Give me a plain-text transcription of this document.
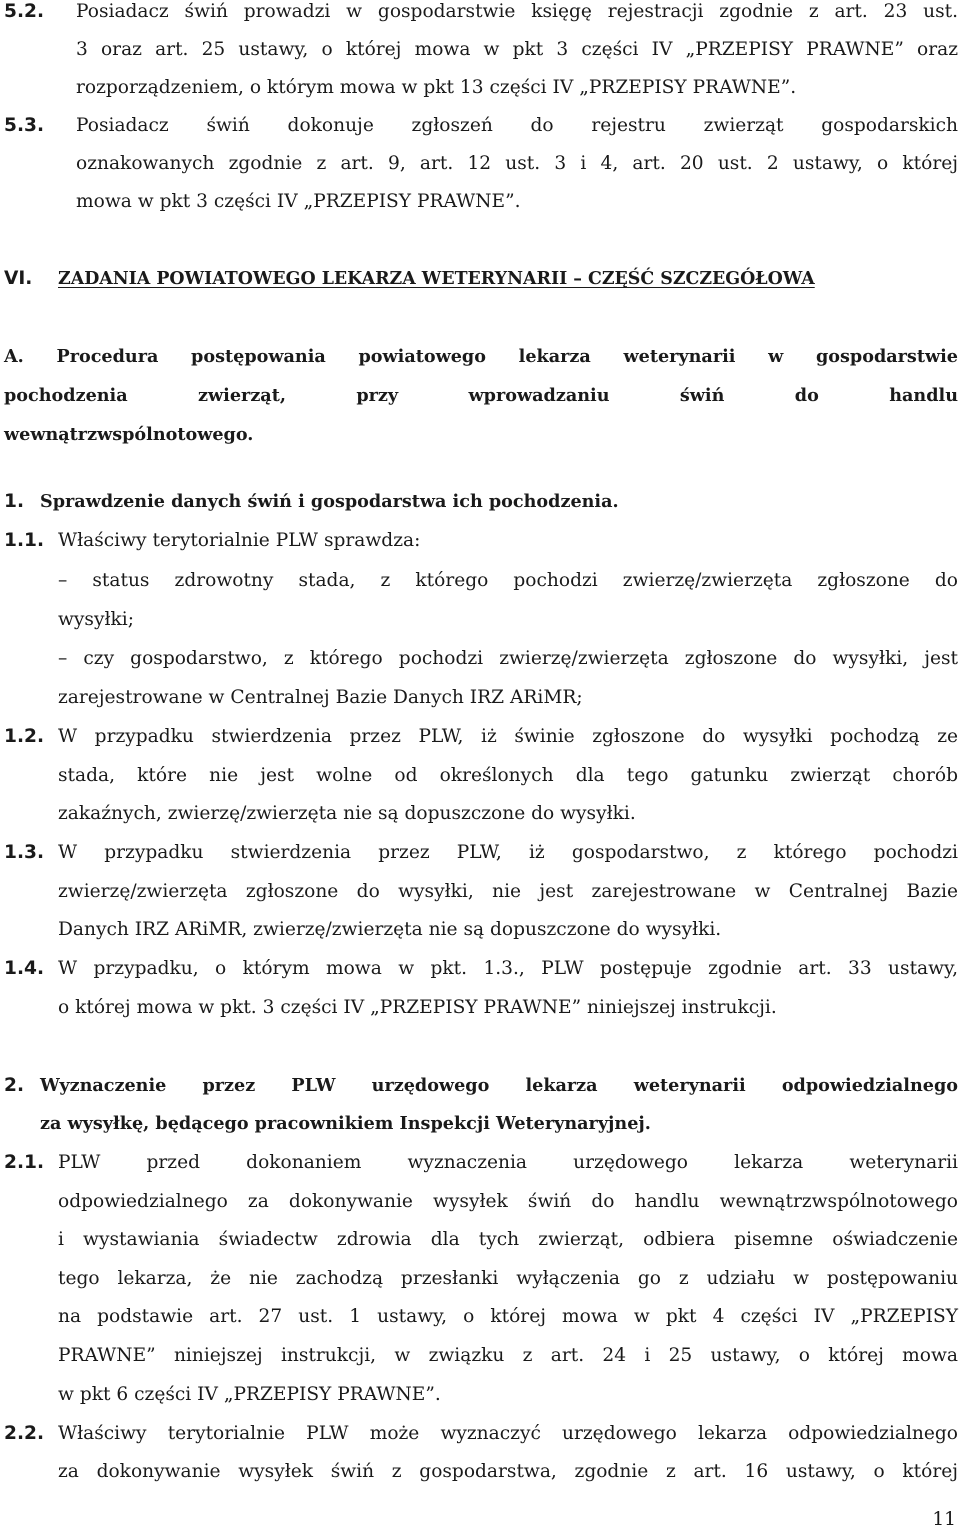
5.2. Posiadacz świń prowadzi w gospodarstwie księgę rejestracji zgodnie z art. 23 ust.
3 oraz art. 25 ustawy, o której mowa w pkt 3 części IV „PRZEPISY PRAWNE” oraz
rozporządzeniem, o którym mowa w pkt 13 części IV „PRZEPISY PRAWNE”.
5.3. Posiadacz świń dokonuje zgłoszeń do rejestru zwierząt gospodarskich
oznakowanych zgodnie z art. 9, art. 12 ust. 3 i 4, art. 20 ust. 2 ustawy, o której
mowa w pkt 3 części IV „PRZEPISY PRAWNE”.
VI. ZADANIA POWIATOWEGO LEKARZA WETERYNARII – CZĘŚĆ SZCZEGÓŁOWA
A. Procedura postępowania powiatowego lekarza weterynarii w gospodarstwie
pochodzenia zwierząt, przy wprowadzaniu świń do handlu
wewnątrzwspólnotowego.
1. Sprawdzenie danych świń i gospodarstwa ich pochodzenia.
1.1. Właściwy terytorialnie PLW sprawdza:
– status zdrowotny stada, z którego pochodzi zwierzę/zwierzęta zgłoszone do
wysyłki;
– czy gospodarstwo, z którego pochodzi zwierzę/zwierzęta zgłoszone do wysyłki, jest
zarejestrowane w Centralnej Bazie Danych IRZ ARiMR;
1.2. W przypadku stwierdzenia przez PLW, iż świnie zgłoszone do wysyłki pochodzą ze
stada, które nie jest wolne od określonych dla tego gatunku zwierząt chorób
zakaźnych, zwierzę/zwierzęta nie są dopuszczone do wysyłki.
1.3. W przypadku stwierdzenia przez PLW, iż gospodarstwo, z którego pochodzi
zwierzę/zwierzęta zgłoszone do wysyłki, nie jest zarejestrowane w Centralnej Bazie
Danych IRZ ARiMR, zwierzę/zwierzęta nie są dopuszczone do wysyłki.
1.4. W przypadku, o którym mowa w pkt. 1.3., PLW postępuje zgodnie art. 33 ustawy,
o której mowa w pkt. 3 części IV „PRZEPISY PRAWNE” niniejszej instrukcji.
2. Wyznaczenie przez PLW urzędowego lekarza weterynarii odpowiedzialnego
za wysyłkę, będącego pracownikiem Inspekcji Weterynaryjnej.
2.1. PLW przed dokonaniem wyznaczenia urzędowego lekarza weterynarii
odpowiedzialnego za dokonywanie wysyłek świń do handlu wewnątrzwspólnotowego
i wystawiania świadectw zdrowia dla tych zwierząt, odbiera pisemne oświadczenie
tego lekarza, że nie zachodzą przesłanki wyłączenia go z udziału w postępowaniu
na podstawie art. 27 ust. 1 ustawy, o której mowa w pkt 4 części IV „PRZEPISY
PRAWNE” niniejszej instrukcji, w związku z art. 24 i 25 ustawy, o której mowa
w pkt 6 części IV „PRZEPISY PRAWNE”.
2.2. Właściwy terytorialnie PLW może wyznaczyć urzędowego lekarza odpowiedzialnego
za dokonywanie wysyłek świń z gospodarstwa, zgodnie z art. 16 ustawy, o której
11
